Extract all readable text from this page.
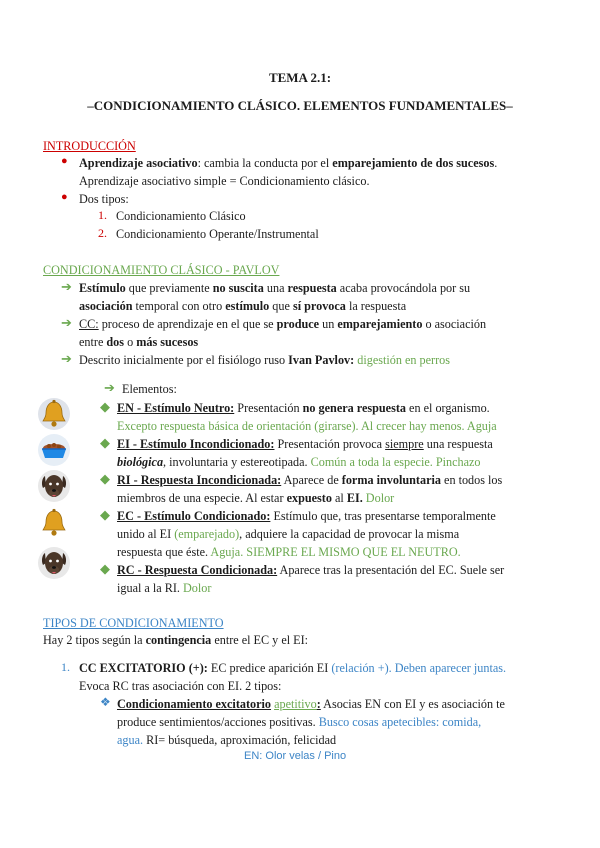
TEMA 2.1:
–CONDICIONAMIENTO CLÁSICO. ELEMENTOS FUNDAMENTALES–
INTRODUCCIÓN
● Aprendizaje asociativo: cambia la conducta por el emparejamiento de dos sucesos.
Aprendizaje asociativo simple = Condicionamiento clásico.
● Dos tipos:
1. Condicionamiento Clásico
2. Condicionamiento Operante/Instrumental
CONDICIONAMIENTO CLÁSICO - PAVLOV
➔ Estímulo que previamente no suscita una respuesta acaba provocándola por su
asociación temporal con otro estímulo que sí provoca la respuesta
➔ CC: proceso de aprendizaje en el que se produce un emparejamiento o asociación
entre dos o más sucesos
➔ Descrito inicialmente por el fisiólogo ruso Ivan Pavlov: digestión en perros
➔ Elementos:
◆ EN - Estímulo Neutro: Presentación no genera respuesta en el organismo.
Excepto respuesta básica de orientación (girarse). Al crecer hay menos. Aguja
◆ EI - Estímulo Incondicionado: Presentación provoca siempre una respuesta
biológica, involuntaria y estereotipada. Común a toda la especie. Pinchazo
◆ RI - Respuesta Incondicionada: Aparece de forma involuntaria en todos los
miembros de una especie. Al estar expuesto al EI. Dolor
◆ EC - Estímulo Condicionado: Estímulo que, tras presentarse temporalmente
unido al EI (emparejado), adquiere la capacidad de provocar la misma
respuesta que éste. Aguja. SIEMPRE EL MISMO QUE EL NEUTRO.
◆ RC - Respuesta Condicionada: Aparece tras la presentación del EC. Suele ser
igual a la RI. Dolor
TIPOS DE CONDICIONAMIENTO
Hay 2 tipos según la contingencia entre el EC y el EI:
1. CC EXCITATORIO (+): EC predice aparición EI (relación +). Deben aparecer juntas.
Evoca RC tras asociación con EI. 2 tipos:
❖ Condicionamiento excitatorio apetitivo: Asocias EN con EI y es asociación te
produce sentimientos/acciones positivas. Busco cosas apetecibles: comida,
agua. RI= búsqueda, aproximación, felicidad
EN: Olor velas / Pino
